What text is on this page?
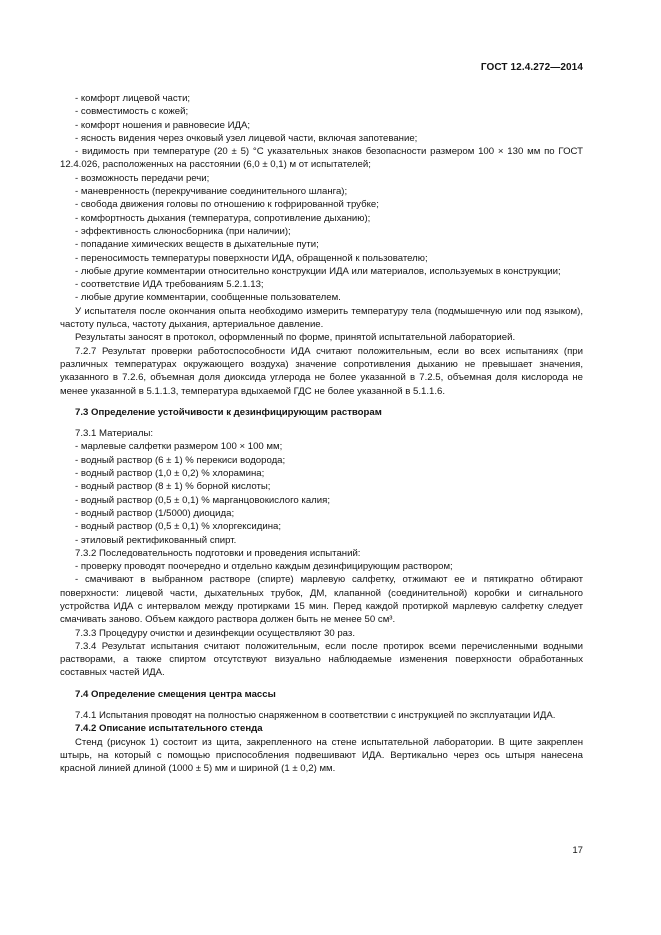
ГОСТ 12.4.272—2014

- комфорт лицевой части;

- совместимость с кожей;

- комфорт ношения и равновесие ИДА;

- ясность видения через очковый узел лицевой части, включая запотевание;

- видимость при температуре (20 ± 5) °С указательных знаков безопасности размером 100 × 130 мм по ГОСТ 12.4.026, расположенных на расстоянии (6,0 ± 0,1) м от испытателей;

- возможность передачи речи;

- маневренность (перекручивание соединительного шланга);

- свобода движения головы по отношению к гофрированной трубке;

- комфортность дыхания (температура, сопротивление дыханию);

- эффективность слюносборника (при наличии);

- попадание химических веществ в дыхательные пути;

- переносимость температуры поверхности ИДА, обращенной к пользователю;

- любые другие комментарии относительно конструкции ИДА или материалов, используемых в конструкции;

- соответствие ИДА требованиям 5.2.1.13;

- любые другие комментарии, сообщенные пользователем.

У испытателя после окончания опыта необходимо измерить температуру тела (подмышечную или под языком), частоту пульса, частоту дыхания, артериальное давление.

Результаты заносят в протокол, оформленный по форме, принятой испытательной лабораторией.

7.2.7 Результат проверки работоспособности ИДА считают положительным, если во всех испытаниях (при различных температурах окружающего воздуха) значение сопротивления дыханию не превышает значения, указанного в 7.2.6, объемная доля диоксида углерода не более указанной в 7.2.5, объемная доля кислорода не менее указанной в 5.1.1.3, температура вдыхаемой ГДС не более указанной в 5.1.1.6.

7.3 Определение устойчивости к дезинфицирующим растворам

7.3.1 Материалы:

- марлевые салфетки размером 100 × 100 мм;

- водный раствор (6 ± 1) % перекиси водорода;

- водный раствор (1,0 ± 0,2) % хлорамина;

- водный раствор (8 ± 1) % борной кислоты;

- водный раствор (0,5 ± 0,1) % марганцовокислого калия;

- водный раствор (1/5000) диоцида;

- водный раствор (0,5 ± 0,1) % хлоргексидина;

- этиловый ректификованный спирт.

7.3.2 Последовательность подготовки и проведения испытаний:

- проверку проводят поочередно и отдельно каждым дезинфицирующим раствором;

- смачивают в выбранном растворе (спирте) марлевую салфетку, отжимают ее и пятикратно обтирают поверхности: лицевой части, дыхательных трубок, ДМ, клапанной (соединительной) коробки и сигнального устройства ИДА с интервалом между протирками 15 мин. Перед каждой протиркой марлевую салфетку следует смачивать заново. Объем каждого раствора должен быть не менее 50 см³.

7.3.3 Процедуру очистки и дезинфекции осуществляют 30 раз.

7.3.4 Результат испытания считают положительным, если после протирок всеми перечисленными водными растворами, а также спиртом отсутствуют визуально наблюдаемые изменения поверхности обработанных составных частей ИДА.

7.4 Определение смещения центра массы

7.4.1 Испытания проводят на полностью снаряженном в соответствии с инструкцией по эксплуатации ИДА.

7.4.2 Описание испытательного стенда

Стенд (рисунок 1) состоит из щита, закрепленного на стене испытательной лаборатории. В щите закреплен штырь, на который с помощью приспособления подвешивают ИДА. Вертикально через ось штыря нанесена красной линией длиной (1000 ± 5) мм и шириной (1 ± 0,2) мм.

17
